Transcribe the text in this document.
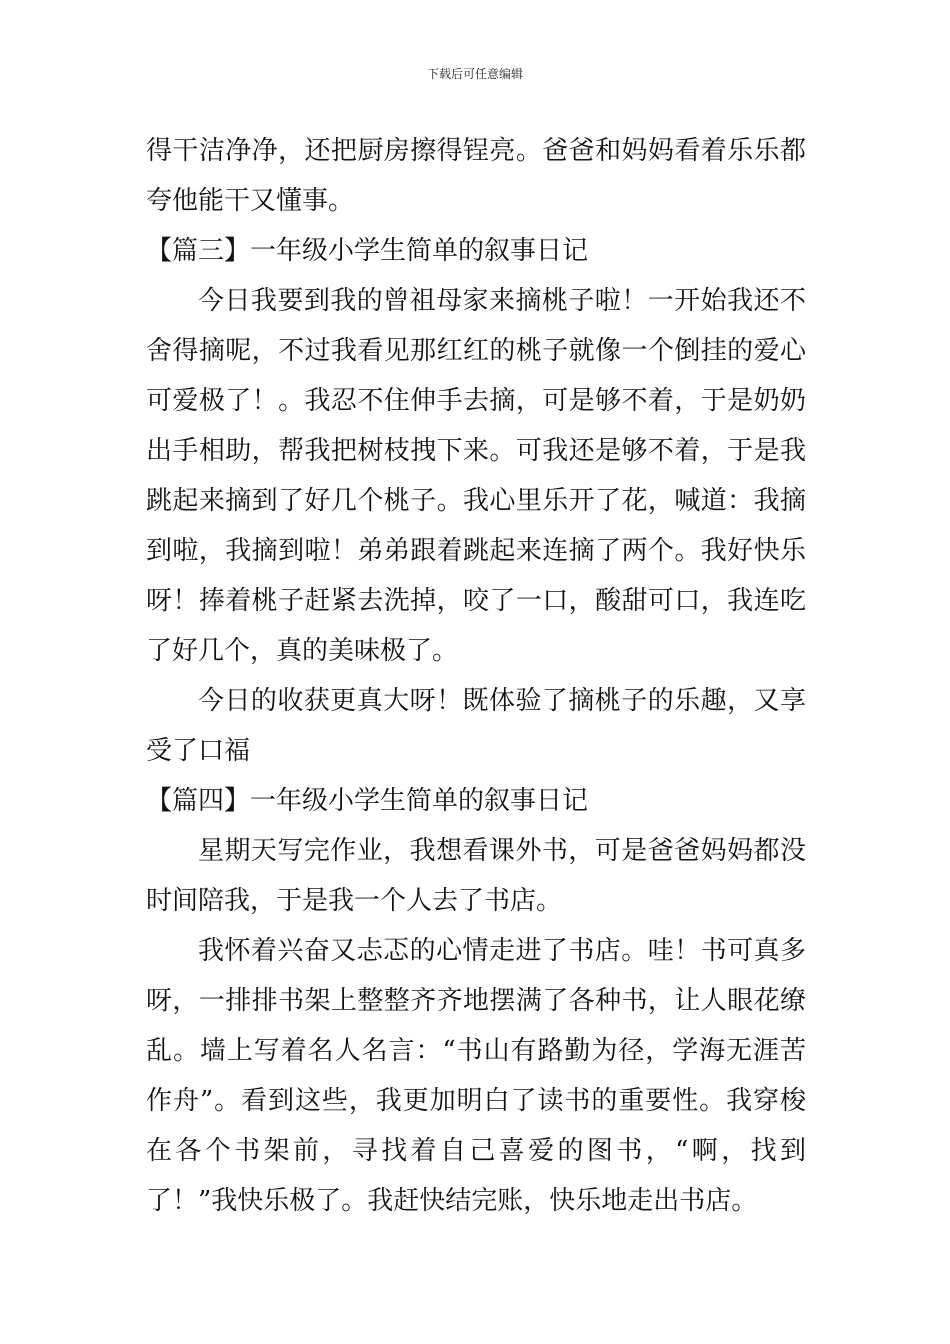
下载后可任意编辑

得干洁净净，还把厨房擦得锃亮。爸爸和妈妈看着乐乐都夸他能干又懂事。

【篇三】一年级小学生简单的叙事日记

今日我要到我的曾祖母家来摘桃子啦！一开始我还不舍得摘呢，不过我看见那红红的桃子就像一个倒挂的爱心可爱极了！。我忍不住伸手去摘，可是够不着，于是奶奶出手相助，帮我把树枝拽下来。可我还是够不着，于是我跳起来摘到了好几个桃子。我心里乐开了花，喊道：我摘到啦，我摘到啦！弟弟跟着跳起来连摘了两个。我好快乐呀！捧着桃子赶紧去洗掉，咬了一口，酸甜可口，我连吃了好几个，真的美味极了。

今日的收获更真大呀！既体验了摘桃子的乐趣，又享受了口福

【篇四】一年级小学生简单的叙事日记

星期天写完作业，我想看课外书，可是爸爸妈妈都没时间陪我，于是我一个人去了书店。

我怀着兴奋又忐忑的心情走进了书店。哇！书可真多呀，一排排书架上整整齐齐地摆满了各种书，让人眼花缭乱。墙上写着名人名言：“书山有路勤为径，学海无涯苦作舟”。看到这些，我更加明白了读书的重要性。我穿梭在各个书架前，寻找着自己喜爱的图书，“啊，找到了！”我快乐极了。我赶快结完账，快乐地走出书店。
